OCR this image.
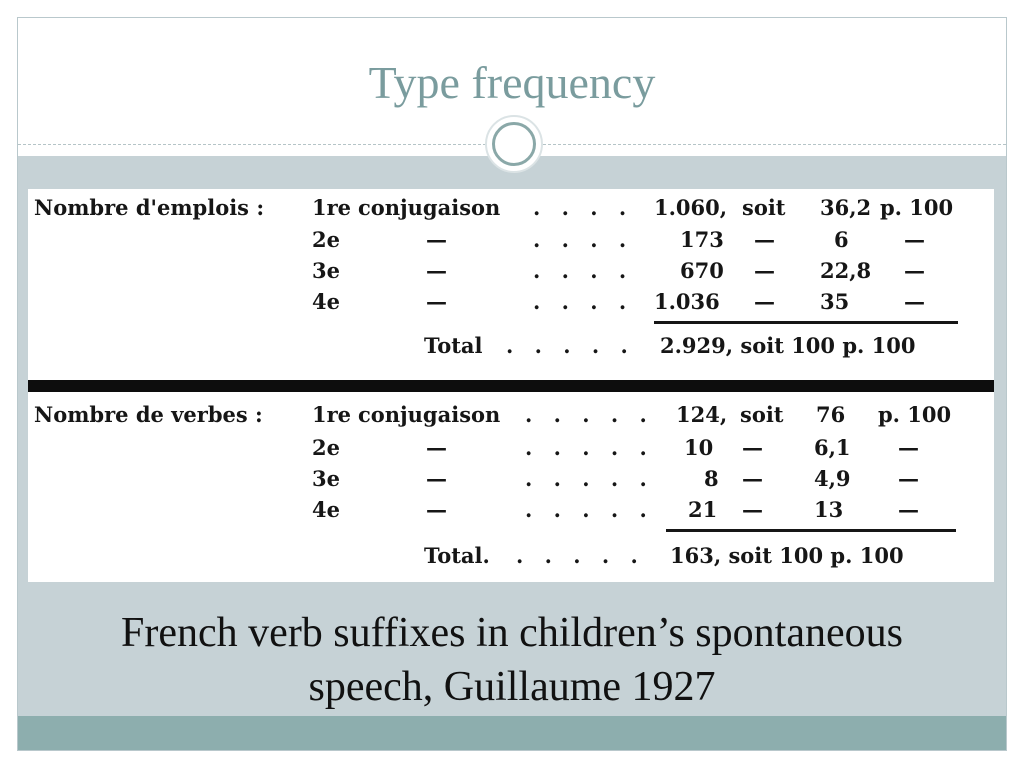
Type frequency
Nombre d'emplois : 1re conjugaison . . . . 1.060, soit 36,2 p. 100
2e	—	. . . . 173 —	6	—
3e	—	. . . . 670 — 22,8 —
4e	—	. . . . 1.036 — 35	—
Total . . . . . 2.929, soit 100 p. 100
Nombre de verbes : 1re conjugaison . . . . . 124, soit 76 p. 100
2e	—	. . . . . 10 — 6,1 —
3e	—	. . . . . 8 — 4,9 —
4e	—	. . . . . 21 — 13	—
Total. . . . . . 163, soit 100 p. 100
French verb suffixes in children’s spontaneous
speech, Guillaume 1927
